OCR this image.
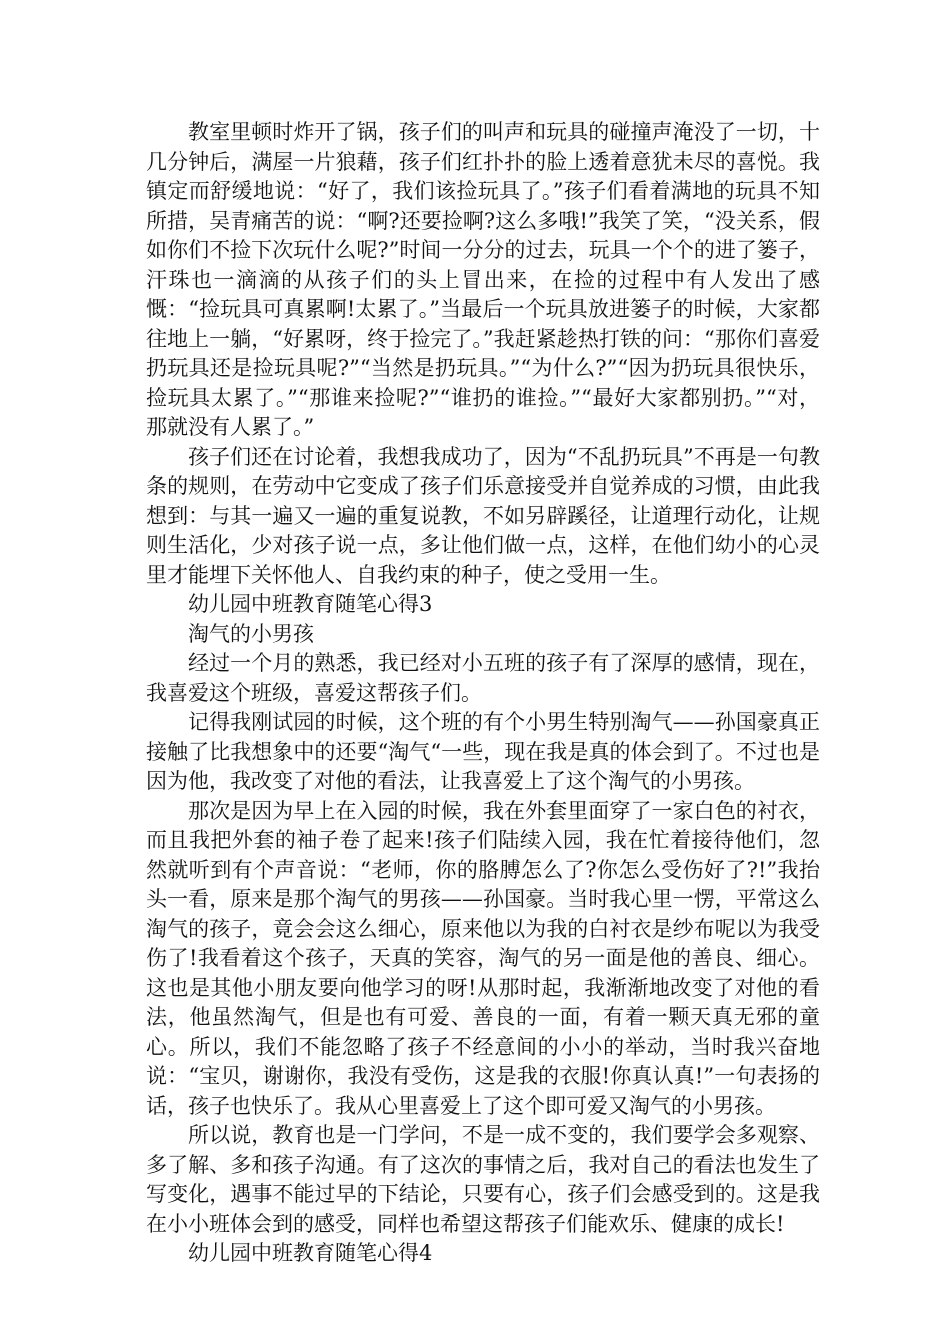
教室里顿时炸开了锅，孩子们的叫声和玩具的碰撞声淹没了一切，十几分钟后，满屋一片狼藉，孩子们红扑扑的脸上透着意犹未尽的喜悦。我镇定而舒缓地说：“好了，我们该捡玩具了。”孩子们看着满地的玩具不知所措，吴青痛苦的说：“啊?还要捡啊?这么多哦!”我笑了笑，“没关系，假如你们不捡下次玩什么呢?”时间一分分的过去，玩具一个个的进了篓子，汗珠也一滴滴的从孩子们的头上冒出来，在捡的过程中有人发出了感慨：“捡玩具可真累啊!太累了。”当最后一个玩具放进篓子的时候，大家都往地上一躺，“好累呀，终于捡完了。”我赶紧趁热打铁的问：“那你们喜爱扔玩具还是捡玩具呢?”“当然是扔玩具。”“为什么?”“因为扔玩具很快乐，捡玩具太累了。”“那谁来捡呢?”“谁扔的谁捡。”“最好大家都别扔。”“对，那就没有人累了。”

孩子们还在讨论着，我想我成功了，因为“不乱扔玩具”不再是一句教条的规则，在劳动中它变成了孩子们乐意接受并自觉养成的习惯，由此我想到：与其一遍又一遍的重复说教，不如另辟蹊径，让道理行动化，让规则生活化，少对孩子说一点，多让他们做一点，这样，在他们幼小的心灵里才能埋下关怀他人、自我约束的种子，使之受用一生。

幼儿园中班教育随笔心得3

淘气的小男孩

经过一个月的熟悉，我已经对小五班的孩子有了深厚的感情，现在，我喜爱这个班级，喜爱这帮孩子们。

记得我刚试园的时候，这个班的有个小男生特别淘气——孙国豪真正接触了比我想象中的还要“淘气“一些，现在我是真的体会到了。不过也是因为他，我改变了对他的看法，让我喜爱上了这个淘气的小男孩。

那次是因为早上在入园的时候，我在外套里面穿了一家白色的衬衣，而且我把外套的袖子卷了起来!孩子们陆续入园，我在忙着接待他们，忽然就听到有个声音说：“老师，你的胳膊怎么了?你怎么受伤好了?!”我抬头一看，原来是那个淘气的男孩——孙国豪。当时我心里一愣，平常这么淘气的孩子，竟会会这么细心，原来他以为我的白衬衣是纱布呢以为我受伤了!我看着这个孩子，天真的笑容，淘气的另一面是他的善良、细心。这也是其他小朋友要向他学习的呀!从那时起，我渐渐地改变了对他的看法，他虽然淘气，但是也有可爱、善良的一面，有着一颗天真无邪的童心。所以，我们不能忽略了孩子不经意间的小小的举动，当时我兴奋地说：“宝贝，谢谢你，我没有受伤，这是我的衣服!你真认真!”一句表扬的话，孩子也快乐了。我从心里喜爱上了这个即可爱又淘气的小男孩。

所以说，教育也是一门学问，不是一成不变的，我们要学会多观察、多了解、多和孩子沟通。有了这次的事情之后，我对自己的看法也发生了写变化，遇事不能过早的下结论，只要有心，孩子们会感受到的。这是我在小小班体会到的感受，同样也希望这帮孩子们能欢乐、健康的成长!

幼儿园中班教育随笔心得4
